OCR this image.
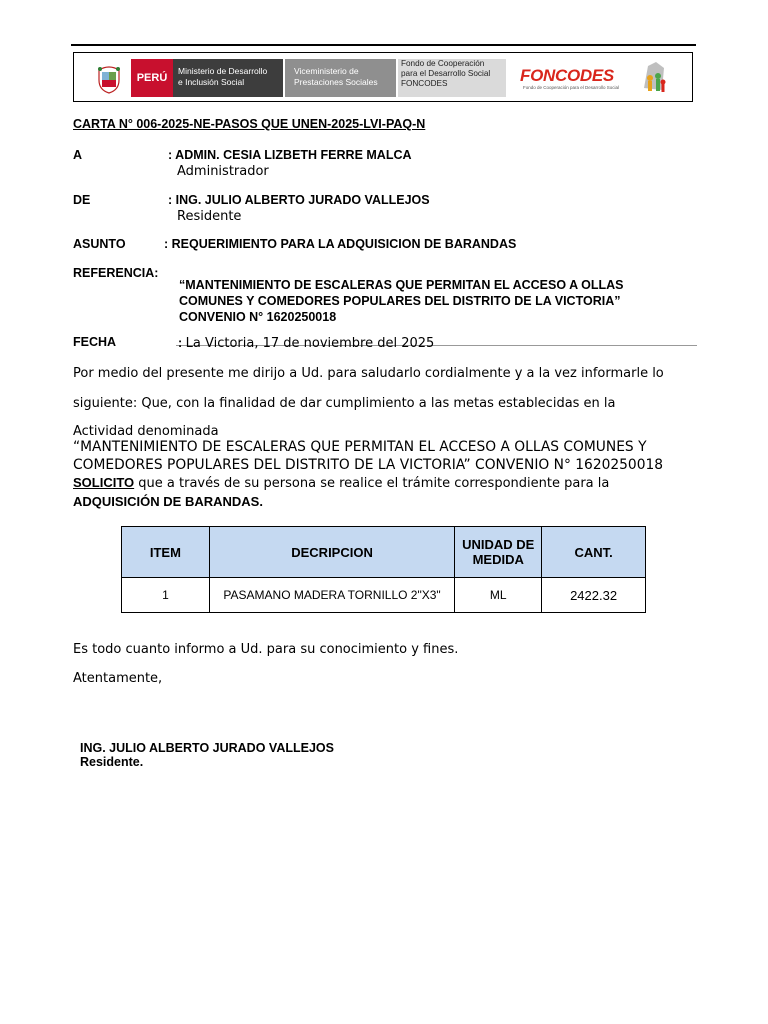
PERÚ
Ministerio de Desarrollo
e Inclusión Social
Viceministerio de
Prestaciones Sociales
Fondo de Cooperación
para el Desarrollo Social
FONCODES	FONCODES
Fondo de Cooperación para el Desarrollo Social
CARTA N° 006-2025-NE-PASOS QUE UNEN-2025-LVI-PAQ-N
A	: ADMIN. CESIA LIZBETH FERRE MALCA
Administrador
DE	: ING. JULIO ALBERTO JURADO VALLEJOS
Residente
ASUNTO	: REQUERIMIENTO PARA LA ADQUISICION DE BARANDAS
REFERENCIA:
“MANTENIMIENTO DE ESCALERAS QUE PERMITAN EL ACCESO A OLLAS
COMUNES Y COMEDORES POPULARES DEL DISTRITO DE LA VICTORIA”
CONVENIO N° 1620250018
FECHA	: La Victoria, 17 de noviembre del 2025
Por medio del presente me dirijo a Ud. para saludarlo cordialmente y a la vez informarle lo
siguiente: Que, con la finalidad de dar cumplimiento a las metas establecidas en la
Actividad denominada
“MANTENIMIENTO DE ESCALERAS QUE PERMITAN EL ACCESO A OLLAS COMUNES Y COMEDORES POPULARES DEL DISTRITO DE LA VICTORIA” CONVENIO N° 1620250018 SOLICITO que a través de su persona se realice el trámite correspondiente para la ADQUISICIÓN DE BARANDAS.
ITEM	DECRIPCION	UNIDAD DE MEDIDA	CANT.
1	PASAMANO MADERA TORNILLO 2"X3"	ML	2422.32
Es todo cuanto informo a Ud. para su conocimiento y fines.
Atentamente,
ING. JULIO ALBERTO JURADO VALLEJOS
Residente.
